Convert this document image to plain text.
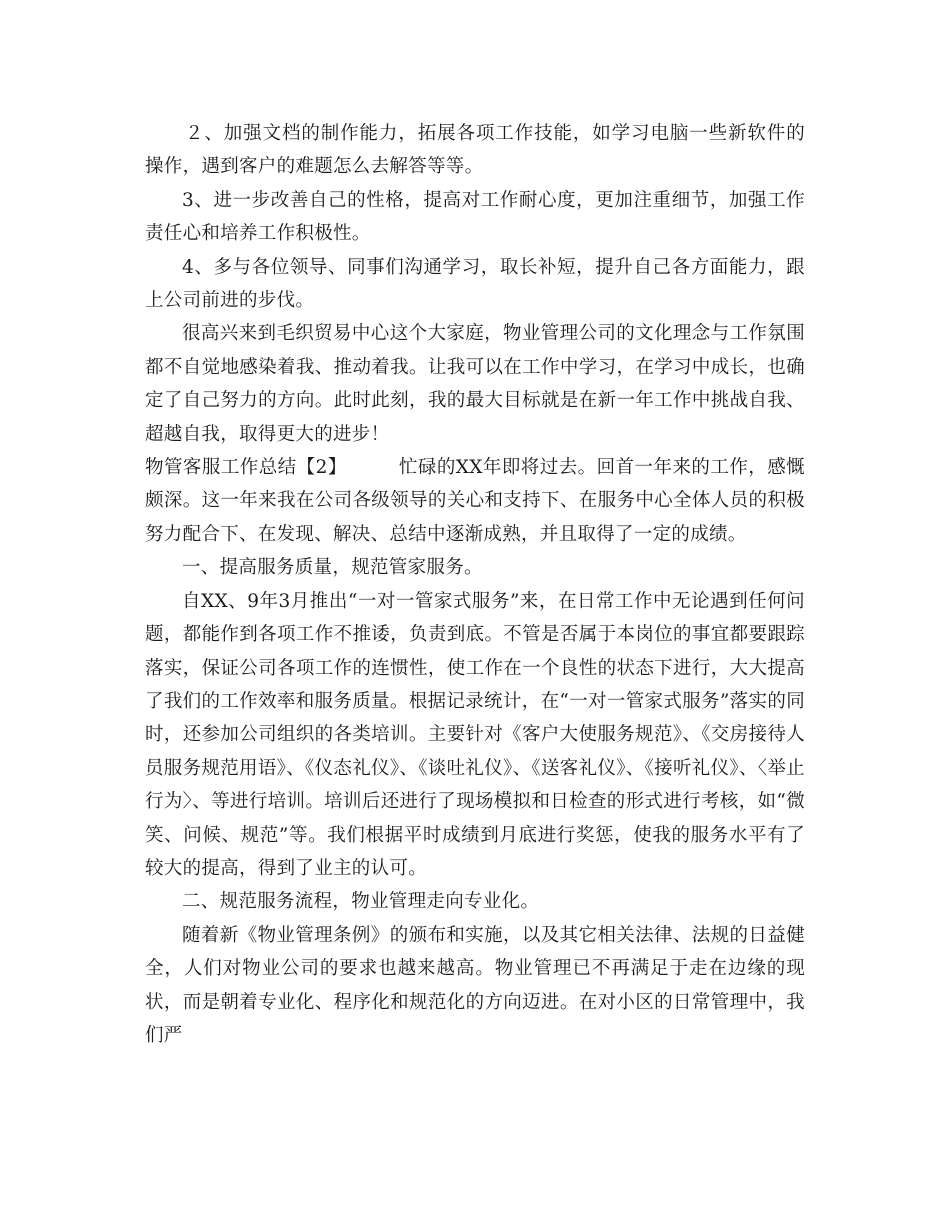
２、加强文档的制作能力，拓展各项工作技能，如学习电脑一些新软件的操作，遇到客户的难题怎么去解答等等。

3、进一步改善自己的性格，提高对工作耐心度，更加注重细节，加强工作责任心和培养工作积极性。

4、多与各位领导、同事们沟通学习，取长补短，提升自己各方面能力，跟上公司前进的步伐。

很高兴来到毛织贸易中心这个大家庭，物业管理公司的文化理念与工作氛围都不自觉地感染着我、推动着我。让我可以在工作中学习，在学习中成长，也确定了自己努力的方向。此时此刻，我的最大目标就是在新一年工作中挑战自我、超越自我，取得更大的进步！

物管客服工作总结【2】	忙碌的XX年即将过去。回首一年来的工作，感慨颇深。这一年来我在公司各级领导的关心和支持下、在服务中心全体人员的积极努力配合下、在发现、解决、总结中逐渐成熟，并且取得了一定的成绩。

一、提高服务质量，规范管家服务。

自XX、9年3月推出“一对一管家式服务”来，在日常工作中无论遇到任何问题，都能作到各项工作不推诿，负责到底。不管是否属于本岗位的事宜都要跟踪落实，保证公司各项工作的连惯性，使工作在一个良性的状态下进行，大大提高了我们的工作效率和服务质量。根据记录统计，在“一对一管家式服务”落实的同时，还参加公司组织的各类培训。主要针对《客户大使服务规范》、《交房接待人员服务规范用语》、《仪态礼仪》、《谈吐礼仪》、《送客礼仪》、《接听礼仪》、〈举止行为〉、等进行培训。培训后还进行了现场模拟和日检查的形式进行考核，如“微笑、问候、规范”等。我们根据平时成绩到月底进行奖惩，使我的服务水平有了较大的提高，得到了业主的认可。

二、规范服务流程，物业管理走向专业化。

随着新《物业管理条例》的颁布和实施，以及其它相关法律、法规的日益健全，人们对物业公司的要求也越来越高。物业管理已不再满足于走在边缘的现状，而是朝着专业化、程序化和规范化的方向迈进。在对小区的日常管理中，我们严
